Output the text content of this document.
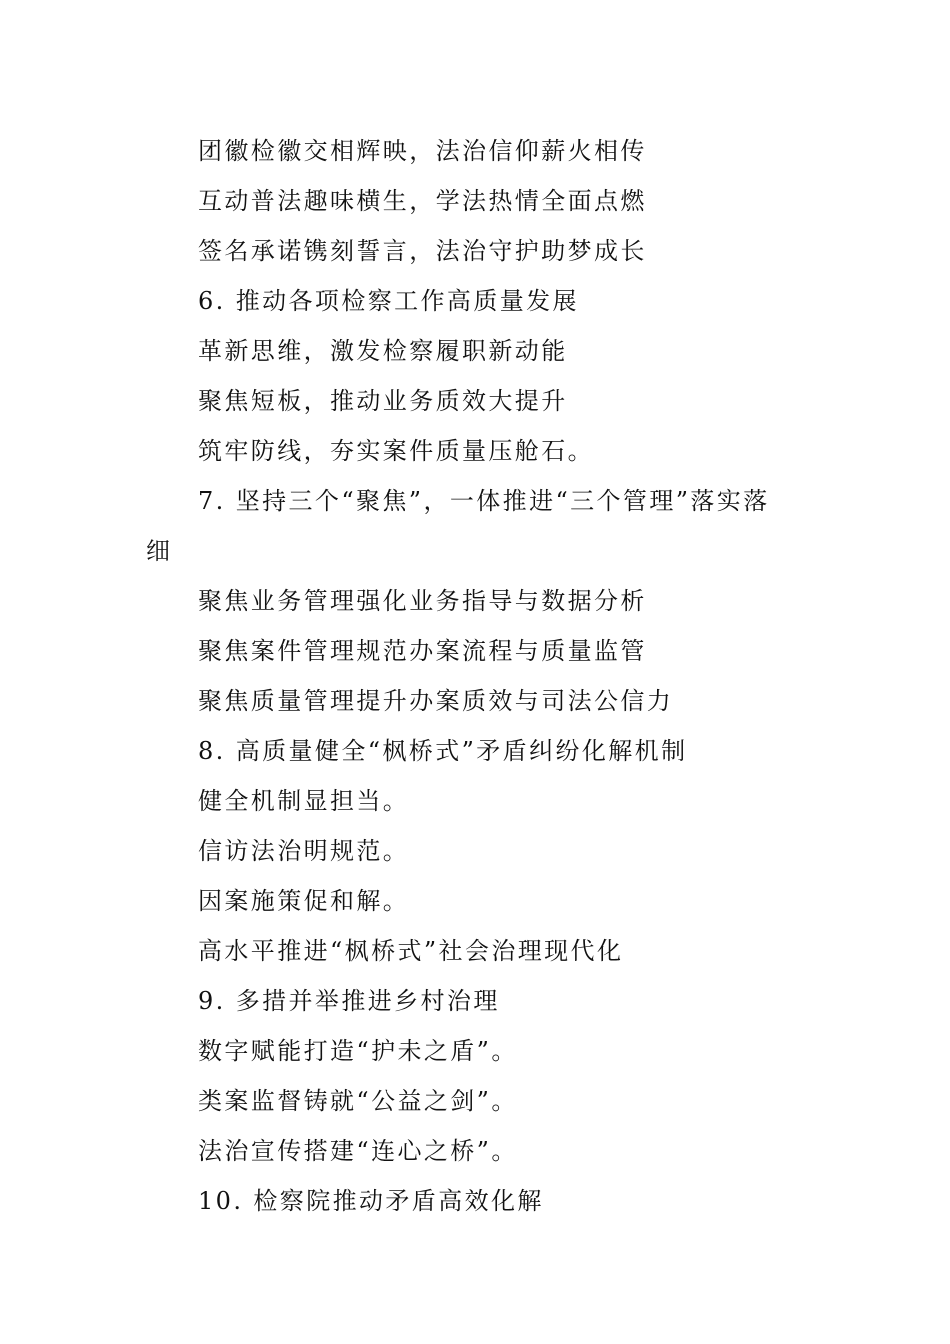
团徽检徽交相辉映，法治信仰薪火相传
互动普法趣味横生，学法热情全面点燃
签名承诺镌刻誓言，法治守护助梦成长
6. 推动各项检察工作高质量发展
革新思维，激发检察履职新动能
聚焦短板，推动业务质效大提升
筑牢防线，夯实案件质量压舱石。
7. 坚持三个“聚焦”，一体推进“三个管理”落实落
细
聚焦业务管理强化业务指导与数据分析
聚焦案件管理规范办案流程与质量监管
聚焦质量管理提升办案质效与司法公信力
8. 高质量健全“枫桥式”矛盾纠纷化解机制
健全机制显担当。
信访法治明规范。
因案施策促和解。
高水平推进“枫桥式”社会治理现代化
9. 多措并举推进乡村治理
数字赋能打造“护未之盾”。
类案监督铸就“公益之剑”。
法治宣传搭建“连心之桥”。
10. 检察院推动矛盾高效化解
